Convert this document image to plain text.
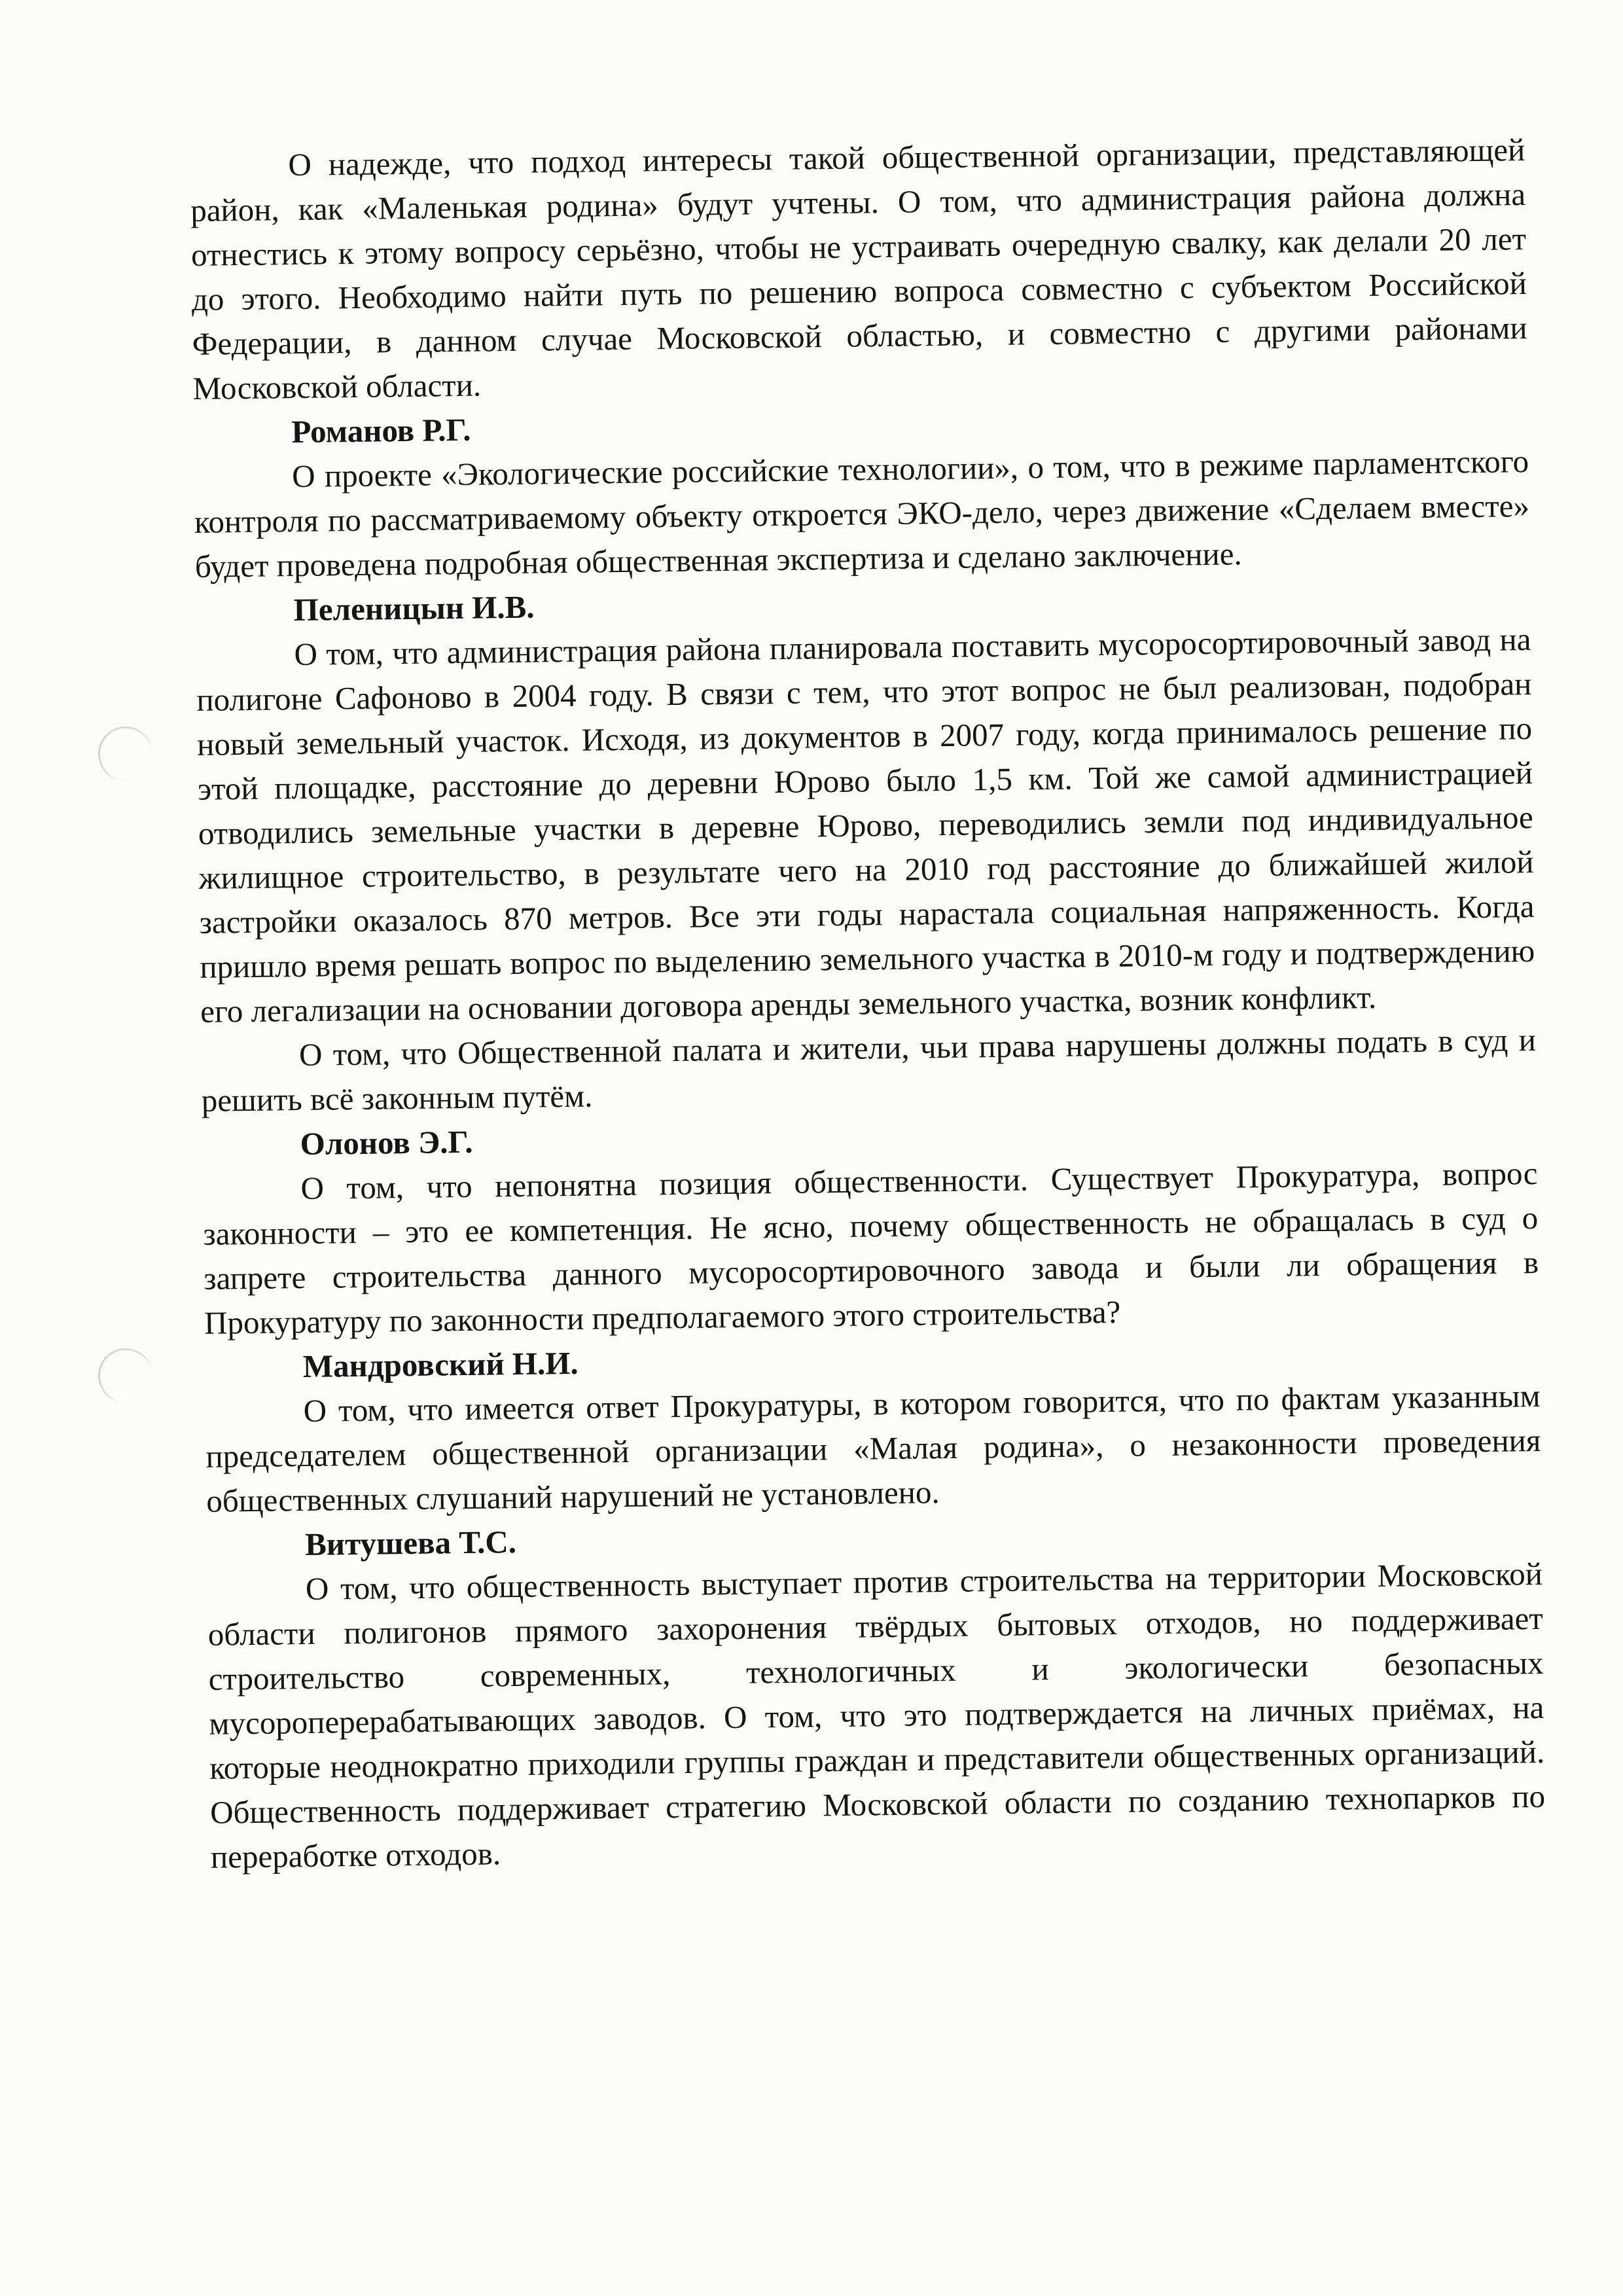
О надежде, что подход интересы такой общественной организации, представляющей район, как «Маленькая родина» будут учтены. О том, что администрация района должна отнестись к этому вопросу серьёзно, чтобы не устраивать очередную свалку, как делали 20 лет до этого. Необходимо найти путь по решению вопроса совместно с субъектом Российской Федерации, в данном случае Московской областью, и совместно с другими районами Московской области.

Романов Р.Г.

О проекте «Экологические российские технологии», о том, что в режиме парламентского контроля по рассматриваемому объекту откроется ЭКО-дело, через движение «Сделаем вместе» будет проведена подробная общественная экспертиза и сделано заключение.

Пеленицын И.В.

О том, что администрация района планировала поставить мусоросортировочный завод на полигоне Сафоново в 2004 году. В связи с тем, что этот вопрос не был реализован, подобран новый земельный участок. Исходя, из документов в 2007 году, когда принималось решение по этой площадке, расстояние до деревни Юрово было 1,5 км. Той же самой администрацией отводились земельные участки в деревне Юрово, переводились земли под индивидуальное жилищное строительство, в результате чего на 2010 год расстояние до ближайшей жилой застройки оказалось 870 метров. Все эти годы нарастала социальная напряженность. Когда пришло время решать вопрос по выделению земельного участка в 2010-м году и подтверждению его легализации на основании договора аренды земельного участка, возник конфликт.

О том, что Общественной палата и жители, чьи права нарушены должны подать в суд и решить всё законным путём.

Олонов Э.Г.

О том, что непонятна позиция общественности. Существует Прокуратура, вопрос законности – это ее компетенция. Не ясно, почему общественность не обращалась в суд о запрете строительства данного мусоросортировочного завода и были ли обращения в Прокуратуру по законности предполагаемого этого строительства?

Мандровский Н.И.

О том, что имеется ответ Прокуратуры, в котором говорится, что по фактам указанным председателем общественной организации «Малая родина», о незаконности проведения общественных слушаний нарушений не установлено.

Витушева Т.С.

О том, что общественность выступает против строительства на территории Московской области полигонов прямого захоронения твёрдых бытовых отходов, но поддерживает строительство современных, технологичных и экологически безопасных мусороперерабатывающих заводов. О том, что это подтверждается на личных приёмах, на которые неоднократно приходили группы граждан и представители общественных организаций. Общественность поддерживает стратегию Московской области по созданию технопарков по переработке отходов.
